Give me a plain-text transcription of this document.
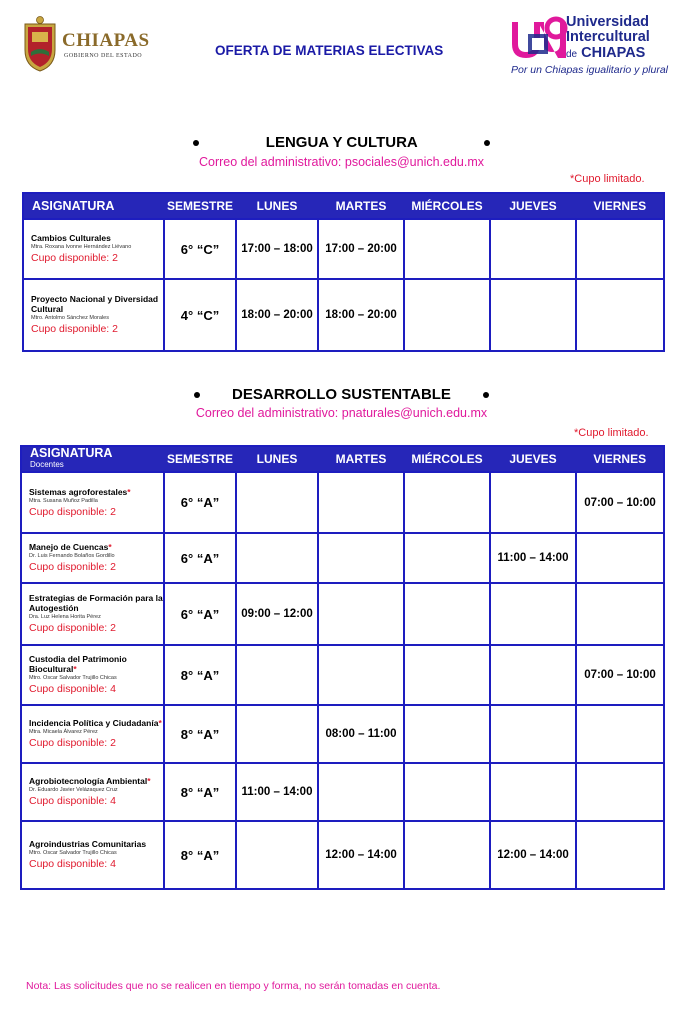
CHIAPAS
GOBIERNO DEL ESTADO	OFERTA DE MATERIAS ELECTIVAS
Universidad
Intercultural
de CHIAPAS
Por un Chiapas igualitario y plural
LENGUA Y CULTURA
Correo del administrativo: psociales@unich.edu.mx
*Cupo limitado.
ASIGNATURA	SEMESTRE	LUNES	MARTES	MIÉRCOLES	JUEVES	VIERNES

Cambios Culturales
Mtra. Roxana Ivonne Hernández Liévano
Cupo disponible: 2	6° “C”	17:00 – 18:00	17:00 – 20:00			

Proyecto Nacional y Diversidad Cultural
Mtro. Antolmo Sánchez Morales
Cupo disponible: 2	4° “C”	18:00 – 20:00	18:00 – 20:00			
DESARROLLO SUSTENTABLE
Correo del administrativo: pnaturales@unich.edu.mx
*Cupo limitado.
ASIGNATURA
Docentes	SEMESTRE	LUNES	MARTES	MIÉRCOLES	JUEVES	VIERNES

Sistemas agroforestales*
Mtra. Susana Muñoz Padilla
Cupo disponible: 2	6° “A”					07:00 – 10:00

Manejo de Cuencas*
Dr. Luis Fernando Bolaños Gordillo
Cupo disponible: 2	6° “A”				11:00 – 14:00	

Estrategias de Formación para la Autogestión
Dra. Luz Helena Horita Pérez
Cupo disponible: 2	6° “A”	09:00 – 12:00				

Custodia del Patrimonio Biocultural*
Mtro. Oscar Salvador Trujillo Chicas
Cupo disponible: 4	8° “A”					07:00 – 10:00

Incidencia Política y Ciudadanía*
Mtra. Micaela Álvarez Pérez
Cupo disponible: 2	8° “A”		08:00 – 11:00			

Agrobiotecnología Ambiental*
Dr. Eduardo Javier Velázaquez Cruz
Cupo disponible: 4	8° “A”	11:00 – 14:00				

Agroindustrias Comunitarias
Mtro. Oscar Salvador Trujillo Chicas
Cupo disponible: 4	8° “A”		12:00 – 14:00		12:00 – 14:00	
Nota: Las solicitudes que no se realicen en tiempo y forma, no serán tomadas en cuenta.
